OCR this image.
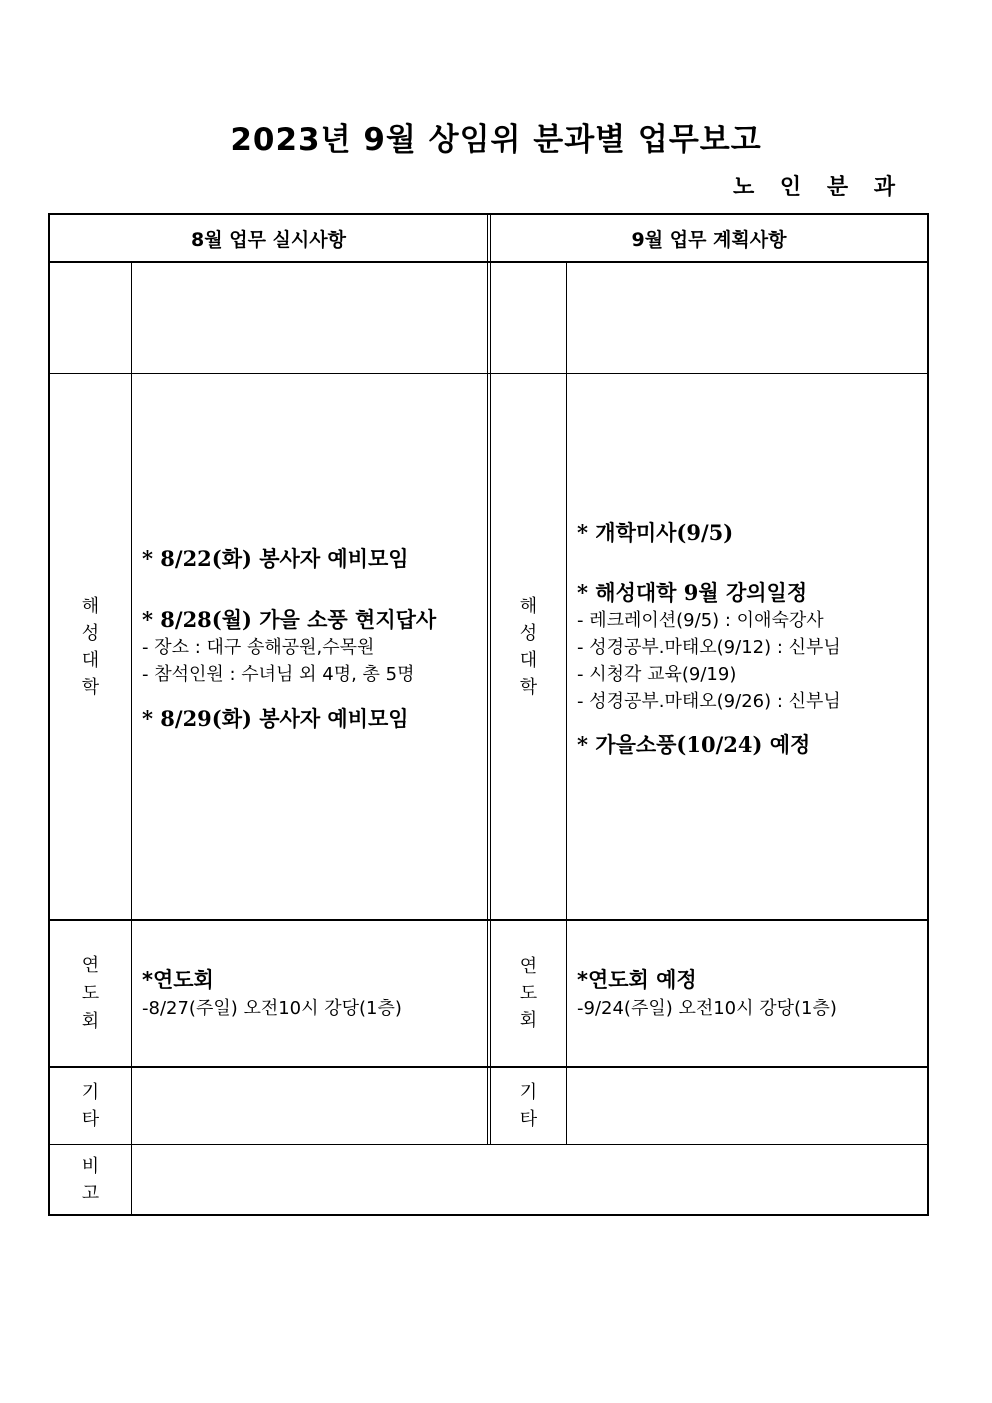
2023년 9월 상임위 분과별 업무보고
노 인 분 과
8월 업무 실시사항	9월 업무 계획사항
해
성
대
학
해
성
대
학
연
도
회
연
도
회
기
타
기
타
비
고
* 8/22(화) 봉사자 예비모임
* 8/28(월) 가을 소풍 현지답사
- 장소 : 대구 송해공원,수목원
- 참석인원 : 수녀님 외 4명, 총 5명
* 8/29(화) 봉사자 예비모임
* 개학미사(9/5)
* 해성대학 9월 강의일정
- 레크레이션(9/5) : 이애숙강사
- 성경공부.마태오(9/12) : 신부님
- 시청각 교육(9/19)
- 성경공부.마태오(9/26) : 신부님
* 가을소풍(10/24) 예정
*연도회
-8/27(주일) 오전10시 강당(1층)
*연도회 예정
-9/24(주일) 오전10시 강당(1층)
